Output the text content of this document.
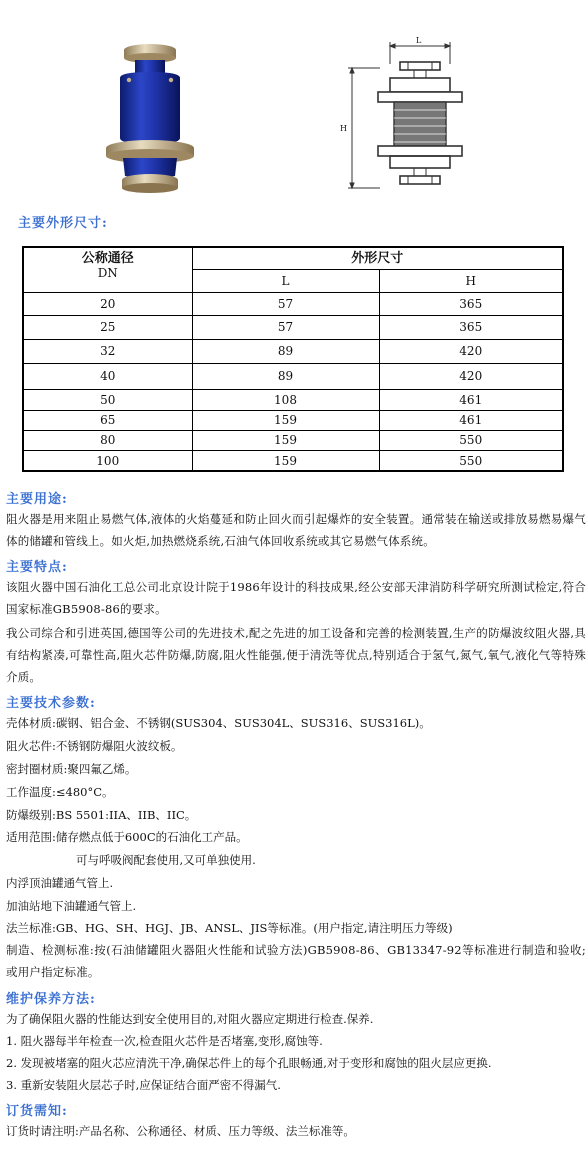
L
H
主要外形尺寸:
公称通径
DN	外形尺寸	
	L	H
20	57	365
25	57	365
32	89	420
40	89	420
50	108	461
65	159	461
80	159	550
100	159	550
主要用途:
阻火器是用来阻止易燃气体,液体的火焰蔓延和防止回火而引起爆炸的安全装置。通常装在输送或排放易燃易爆气体的储罐和管线上。如火炬,加热燃烧系统,石油气体回收系统或其它易燃气体系统。
主要特点:
该阻火器中国石油化工总公司北京设计院于1986年设计的科技成果,经公安部天津消防科学研究所测试检定,符合国家标准GB5908-86的要求。
我公司综合和引进英国,德国等公司的先进技术,配之先进的加工设备和完善的检测装置,生产的防爆波纹阻火器,具有结构紧凑,可靠性高,阻火芯件防爆,防腐,阻火性能强,便于清洗等优点,特别适合于氢气,氮气,氧气,液化气等特殊介质。
主要技术参数:
壳体材质:碳钢、铝合金、不锈钢(SUS304、SUS304L、SUS316、SUS316L)。
阻火芯件:不锈钢防爆阻火波纹板。
密封圈材质:聚四氟乙烯。
工作温度:≤480°C。
防爆级别:BS 5501:IIA、IIB、IIC。
适用范围:储存燃点低于600C的石油化工产品。
可与呼吸阀配套使用,又可单独使用.
内浮顶油罐通气管上.
加油站地下油罐通气管上.
法兰标准:GB、HG、SH、HGJ、JB、ANSL、JIS等标准。(用户指定,请注明压力等级)
制造、检测标准:按(石油储罐阻火器阻火性能和试验方法)GB5908-86、GB13347-92等标准进行制造和验收;或用户指定标准。
维护保养方法:
为了确保阻火器的性能达到安全使用目的,对阻火器应定期进行检查.保养.
1. 阻火器每半年检查一次,检查阻火芯件是否堵塞,变形,腐蚀等.
2. 发现被堵塞的阻火芯应清洗干净,确保芯件上的每个孔眼畅通,对于变形和腐蚀的阻火层应更换.
3. 重新安装阻火层芯子时,应保证结合面严密不得漏气.
订货需知:
订货时请注明:产品名称、公称通径、材质、压力等级、法兰标准等。
